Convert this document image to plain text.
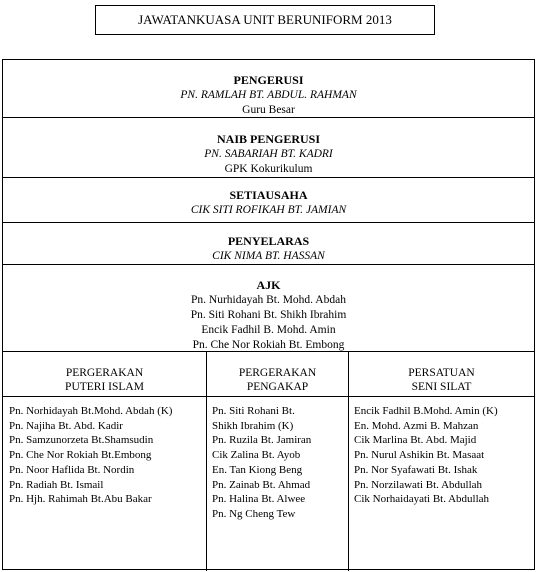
JAWATANKUASA UNIT BERUNIFORM 2013
PENGERUSI
PN. RAMLAH BT. ABDUL. RAHMAN
Guru Besar
NAIB PENGERUSI
PN. SABARIAH BT. KADRI
GPK Kokurikulum
SETIAUSAHA
CIK SITI ROFIKAH BT. JAMIAN
PENYELARAS
CIK NIMA BT. HASSAN
AJK
Pn. Nurhidayah Bt. Mohd. Abdah
Pn. Siti Rohani Bt. Shikh Ibrahim
Encik Fadhil B. Mohd. Amin
Pn. Che Nor Rokiah Bt. Embong
PERGERAKAN
PUTERI ISLAM
Pn. Norhidayah Bt.Mohd. Abdah (K)
Pn. Najiha Bt. Abd. Kadir
Pn. Samzunorzeta Bt.Shamsudin
Pn. Che Nor Rokiah Bt.Embong
Pn. Noor Haflida Bt. Nordin
Pn. Radiah Bt. Ismail
Pn. Hjh. Rahimah Bt.Abu Bakar
PERGERAKAN
PENGAKAP
Pn. Siti Rohani Bt.
Shikh Ibrahim (K)
Pn. Ruzila Bt. Jamiran
Cik Zalina Bt. Ayob
En. Tan Kiong Beng
Pn. Zainab Bt. Ahmad
Pn. Halina Bt. Alwee
Pn. Ng Cheng Tew
PERSATUAN
SENI SILAT
Encik Fadhil B.Mohd. Amin (K)
En. Mohd. Azmi B. Mahzan
Cik Marlina Bt. Abd. Majid
Pn. Nurul Ashikin Bt. Masaat
Pn. Nor Syafawati Bt. Ishak
Pn. Norzilawati Bt. Abdullah
Cik Norhaidayati Bt. Abdullah
